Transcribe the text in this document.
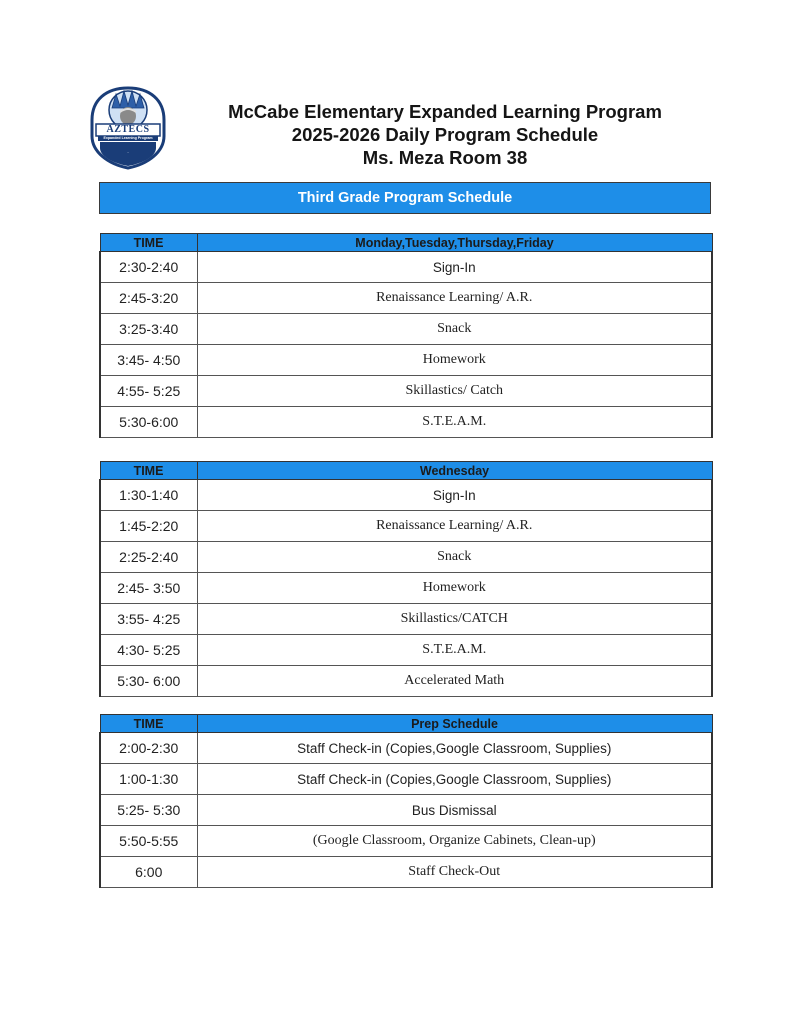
·
AZTECS
Expanded Learning Program
McCabe Elementary Expanded Learning Program
2025-2026 Daily Program Schedule
Ms. Meza Room 38
Third Grade Program Schedule
TIME	Monday,Tuesday,Thursday,Friday
2:30-2:40	Sign-In
2:45-3:20	Renaissance Learning/ A.R.
3:25-3:40	Snack
3:45- 4:50	Homework
4:55- 5:25	Skillastics/ Catch
5:30-6:00	S.T.E.A.M.
TIME	Wednesday
1:30-1:40	Sign-In
1:45-2:20	Renaissance Learning/ A.R.
2:25-2:40	Snack
2:45- 3:50	Homework
3:55- 4:25	Skillastics/CATCH
4:30- 5:25	S.T.E.A.M.
5:30- 6:00	Accelerated Math
TIME	Prep Schedule
2:00-2:30	Staff Check-in (Copies,Google Classroom, Supplies)
1:00-1:30	Staff Check-in (Copies,Google Classroom, Supplies)
5:25- 5:30	Bus Dismissal
5:50-5:55	(Google Classroom, Organize Cabinets, Clean-up)
6:00	Staff Check-Out
